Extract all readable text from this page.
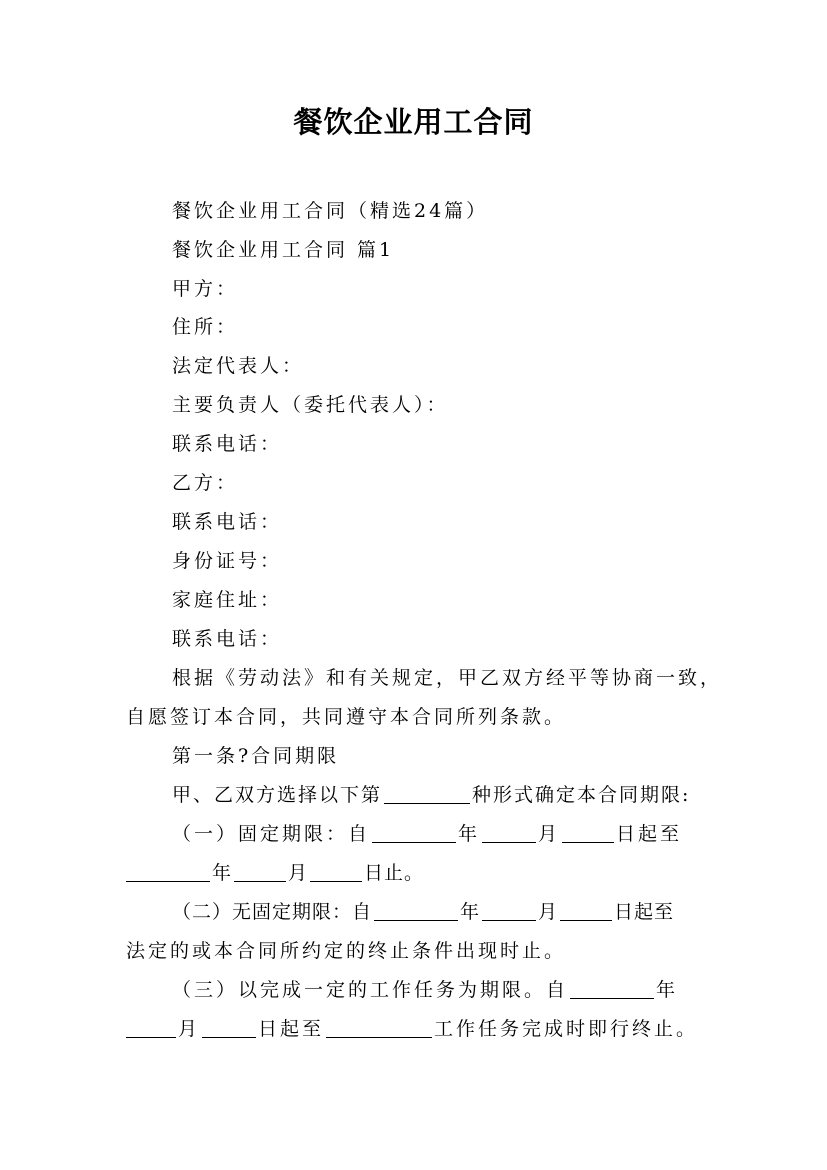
餐饮企业用工合同
餐饮企业用工合同（精选24篇）
餐饮企业用工合同 篇1
甲方：
住所：
法定代表人：
主要负责人（委托代表人）：
联系电话：
乙方：
联系电话：
身份证号：
家庭住址：
联系电话：
根据《劳动法》和有关规定，甲乙双方经平等协商一致，
自愿签订本合同，共同遵守本合同所列条款。
第一条?合同期限
甲、乙双方选择以下第	种形式确定本合同期限:
（一）固定期限：自	年	月	日起至
年	月	日止。
（二）无固定期限：自	年	月	日起至
法定的或本合同所约定的终止条件出现时止。
（三）以完成一定的工作任务为期限。自	年
月	日起至	工作任务完成时即行终止。
